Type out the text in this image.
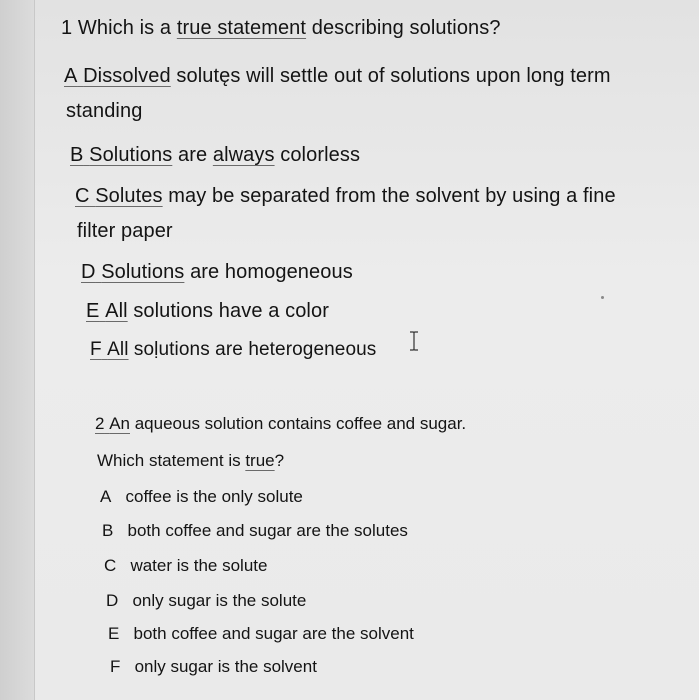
1 Which is a true statement describing solutions?
A Dissolved solutęs will settle out of solutions upon long term
standing
B Solutions are always colorless
C Solutes may be separated from the solvent by using a fine
filter paper
D Solutions are homogeneous
E All solutions have a color
F All soḷutions are heterogeneous
2 An aqueous solution contains coffee and sugar.
Which statement is true?
A coffee is the only solute
B both coffee and sugar are the solutes
C water is the solute
D only sugar is the solute
E both coffee and sugar are the solvent
F only sugar is the solvent
